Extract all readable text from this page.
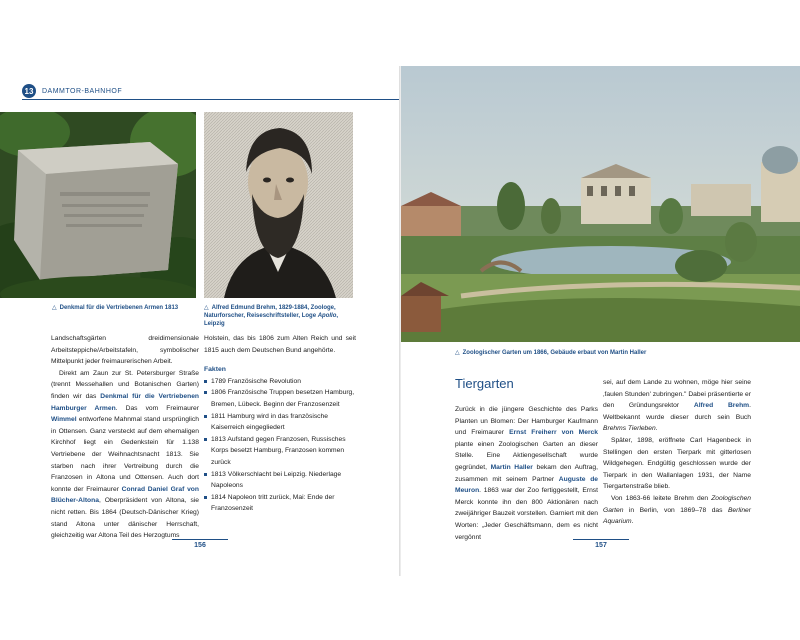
13	DAMMTOR-BAHNHOF
△ Denkmal für die Vertriebenen Armen 1813	△ Alfred Edmund Brehm, 1829-1884, Zoologe, Naturforscher, Reiseschriftsteller, Loge Apollo, Leipzig

Landschaftsgärten dreidimensionale Arbeitsteppiche/Arbeitstafeln, symbolischer Mittelpunkt jeder freimaurerischen Arbeit.

Direkt am Zaun zur St. Petersburger Straße (trennt Messehallen und Botanischen Garten) finden wir das Denkmal für die Vertriebenen Hamburger Armen. Das vom Freimaurer Wimmel entworfene Mahnmal stand ursprünglich in Ottensen. Ganz versteckt auf dem ehemaligen Kirchhof liegt ein Gedenkstein für 1.138 Vertriebene der Weihnachtsnacht 1813. Sie starben nach ihrer Vertreibung durch die Franzosen in Altona und Ottensen. Auch dort konnte der Freimaurer Conrad Daniel Graf von Blücher-Altona, Oberpräsident von Altona, sie nicht retten. Bis 1864 (Deutsch-Dänischer Krieg) stand Altona unter dänischer Herrschaft, gleichzeitig war Altona Teil des Herzogtums

Holstein, das bis 1806 zum Alten Reich und seit 1815 auch dem Deutschen Bund angehörte.

Fakten
1789 Französische Revolution
1806 Französische Truppen besetzen Hamburg, Bremen, Lübeck. Beginn der Franzosenzeit
1811 Hamburg wird in das französische Kaiserreich eingegliedert
1813 Aufstand gegen Franzosen, Russisches Korps besetzt Hamburg, Franzosen kommen zurück
1813 Völkerschlacht bei Leipzig. Niederlage Napoleons
1814 Napoleon tritt zurück, Mai: Ende der Franzosenzeit
156
△ Zoologischer Garten um 1866, Gebäude erbaut von Martin Haller
Tiergarten

Zurück in die jüngere Geschichte des Parks Planten un Blomen: Der Hamburger Kaufmann und Freimaurer Ernst Freiherr von Merck plante einen Zoologischen Garten an dieser Stelle. Eine Aktiengesellschaft wurde gegründet, Martin Haller bekam den Auftrag, zusammen mit seinem Partner Auguste de Meuron. 1863 war der Zoo fertiggestellt, Ernst Merck konnte ihn den 800 Aktionären nach zweijähriger Bauzeit vorstellen. Garniert mit den Worten: „Jeder Geschäftsmann, dem es nicht vergönnt

sei, auf dem Lande zu wohnen, möge hier seine ‚faulen Stunden' zubringen." Dabei präsentierte er den Gründungsrektor Alfred Brehm. Weltbekannt wurde dieser durch sein Buch Brehms Tierleben.

Später, 1898, eröffnete Carl Hagenbeck in Stellingen den ersten Tierpark mit gitterlosen Wildgehegen. Endgültig geschlossen wurde der Tierpark in den Wallanlagen 1931, der Name Tiergartenstraße blieb.

Von 1863-66 leitete Brehm den Zoologischen Garten in Berlin, von 1869–78 das Berliner Aquarium.

157
